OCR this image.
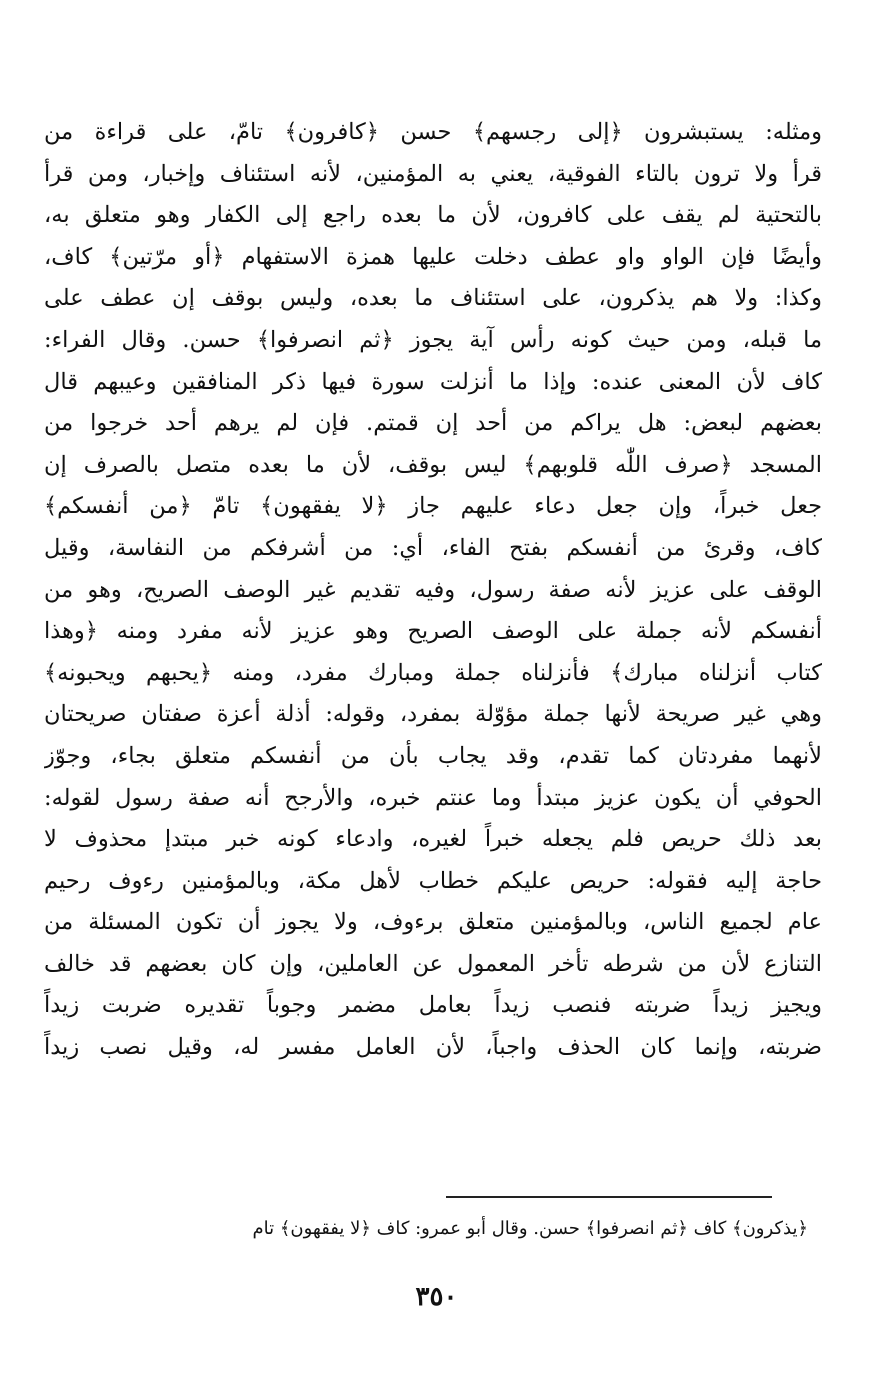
ومثله: يستبشرون ﴿إلى رجسهم﴾ حسن ﴿كافرون﴾ تامّ، على قراءة من
قرأ ولا ترون بالتاء الفوقية، يعني به المؤمنين، لأنه استئناف وإخبار، ومن قرأ
بالتحتية لم يقف على كافرون، لأن ما بعده راجع إلى الكفار وهو متعلق به،
وأيضًا فإن الواو واو عطف دخلت عليها همزة الاستفهام ﴿أو مرّتين﴾ كاف،
وكذا: ولا هم يذكرون، على استئناف ما بعده، وليس بوقف إن عطف على
ما قبله، ومن حيث كونه رأس آية يجوز ﴿ثم انصرفوا﴾ حسن. وقال الفراء:
كاف لأن المعنى عنده: وإذا ما أنزلت سورة فيها ذكر المنافقين وعيبهم قال
بعضهم لبعض: هل يراكم من أحد إن قمتم. فإن لم يرهم أحد خرجوا من
المسجد ﴿صرف اللّٰه قلوبهم﴾ ليس بوقف، لأن ما بعده متصل بالصرف إن
جعل خبراً، وإن جعل دعاء عليهم جاز ﴿لا يفقهون﴾ تامّ ﴿من أنفسكم﴾
كاف، وقرئ من أنفسكم بفتح الفاء، أي: من أشرفكم من النفاسة، وقيل
الوقف على عزيز لأنه صفة رسول، وفيه تقديم غير الوصف الصريح، وهو من
أنفسكم لأنه جملة على الوصف الصريح وهو عزيز لأنه مفرد ومنه ﴿وهذا
كتاب أنزلناه مبارك﴾ فأنزلناه جملة ومبارك مفرد، ومنه ﴿يحبهم ويحبونه﴾
وهي غير صريحة لأنها جملة مؤوّلة بمفرد، وقوله: أذلة أعزة صفتان صريحتان
لأنهما مفردتان كما تقدم، وقد يجاب بأن من أنفسكم متعلق بجاء، وجوّز
الحوفي أن يكون عزيز مبتدأ وما عنتم خبره، والأرجح أنه صفة رسول لقوله:
بعد ذلك حريص فلم يجعله خبراً لغيره، وادعاء كونه خبر مبتدإ محذوف لا
حاجة إليه فقوله: حريص عليكم خطاب لأهل مكة، وبالمؤمنين رءوف رحيم
عام لجميع الناس، وبالمؤمنين متعلق برءوف، ولا يجوز أن تكون المسئلة من
التنازع لأن من شرطه تأخر المعمول عن العاملين، وإن كان بعضهم قد خالف
ويجيز زيداً ضربته فنصب زيداً بعامل مضمر وجوباً تقديره ضربت زيداً
ضربته، وإنما كان الحذف واجباً، لأن العامل مفسر له، وقيل نصب زيداً
﴿يذكرون﴾ كاف ﴿ثم انصرفوا﴾ حسن. وقال أبو عمرو: كاف ﴿لا يفقهون﴾ تام
٣٥٠
